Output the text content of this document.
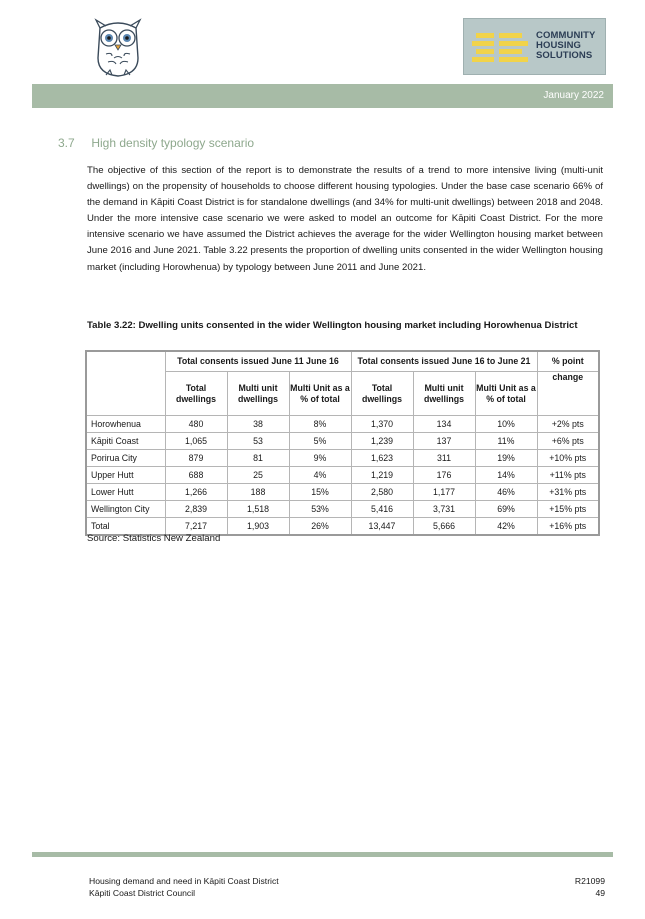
COMMUNITY
HOUSING
SOLUTIONS
January 2022
3.7 High density typology scenario

The objective of this section of the report is to demonstrate the results of a trend to more intensive living (multi-unit dwellings) on the propensity of households to choose different housing typologies. Under the base case scenario 66% of the demand in Kāpiti Coast District is for standalone dwellings (and 34% for multi-unit dwellings) between 2018 and 2048. Under the more intensive case scenario we were asked to model an outcome for Kāpiti Coast District. For the more intensive scenario we have assumed the District achieves the average for the wider Wellington housing market between June 2016 and June 2021. Table 3.22 presents the proportion of dwelling units consented in the wider Wellington housing market (including Horowhenua) by typology between June 2011 and June 2021.

Table 3.22: Dwelling units consented in the wider Wellington housing market including Horowhenua District
	Total consents issued June 11 June 16			Total consents issued June 16 to June 21			% point
	Total dwellings	Multi unit dwellings	Multi Unit as a % of total	Total dwellings	Multi unit dwellings	Multi Unit as a % of total	change
Horowhenua	480	38	8%	1,370	134	10%	+2% pts
Kāpiti Coast	1,065	53	5%	1,239	137	11%	+6% pts
Porirua City	879	81	9%	1,623	311	19%	+10% pts
Upper Hutt	688	25	4%	1,219	176	14%	+11% pts
Lower Hutt	1,266	188	15%	2,580	1,177	46%	+31% pts
Wellington City	2,839	1,518	53%	5,416	3,731	69%	+15% pts
Total	7,217	1,903	26%	13,447	5,666	42%	+16% pts
Source: Statistics New Zealand
Housing demand and need in Kāpiti Coast District
Kāpiti Coast District Council
R21099
49
